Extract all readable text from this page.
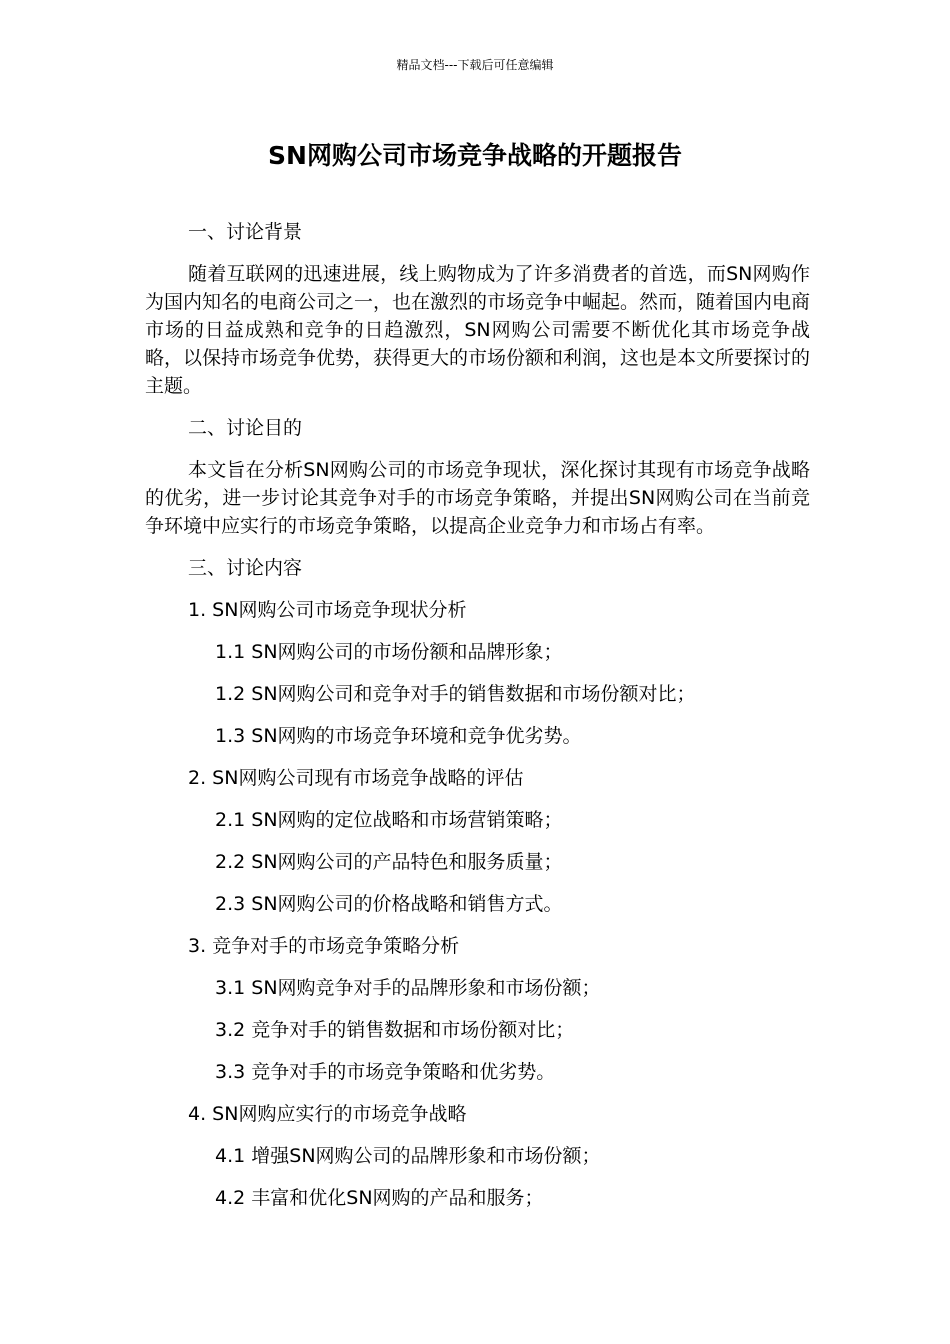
精品文档---下载后可任意编辑
SN网购公司市场竞争战略的开题报告

一、讨论背景

随着互联网的迅速进展，线上购物成为了许多消费者的首选，而SN网购作为国内知名的电商公司之一，也在激烈的市场竞争中崛起。然而，随着国内电商市场的日益成熟和竞争的日趋激烈，SN网购公司需要不断优化其市场竞争战略，以保持市场竞争优势，获得更大的市场份额和利润，这也是本文所要探讨的主题。

二、讨论目的

本文旨在分析SN网购公司的市场竞争现状，深化探讨其现有市场竞争战略的优劣，进一步讨论其竞争对手的市场竞争策略，并提出SN网购公司在当前竞争环境中应实行的市场竞争策略，以提高企业竞争力和市场占有率。

三、讨论内容

1. SN网购公司市场竞争现状分析

1.1 SN网购公司的市场份额和品牌形象；

1.2 SN网购公司和竞争对手的销售数据和市场份额对比；

1.3 SN网购的市场竞争环境和竞争优劣势。

2. SN网购公司现有市场竞争战略的评估

2.1 SN网购的定位战略和市场营销策略；

2.2 SN网购公司的产品特色和服务质量；

2.3 SN网购公司的价格战略和销售方式。

3. 竞争对手的市场竞争策略分析

3.1 SN网购竞争对手的品牌形象和市场份额；

3.2 竞争对手的销售数据和市场份额对比；

3.3 竞争对手的市场竞争策略和优劣势。

4. SN网购应实行的市场竞争战略

4.1 增强SN网购公司的品牌形象和市场份额；

4.2 丰富和优化SN网购的产品和服务；
